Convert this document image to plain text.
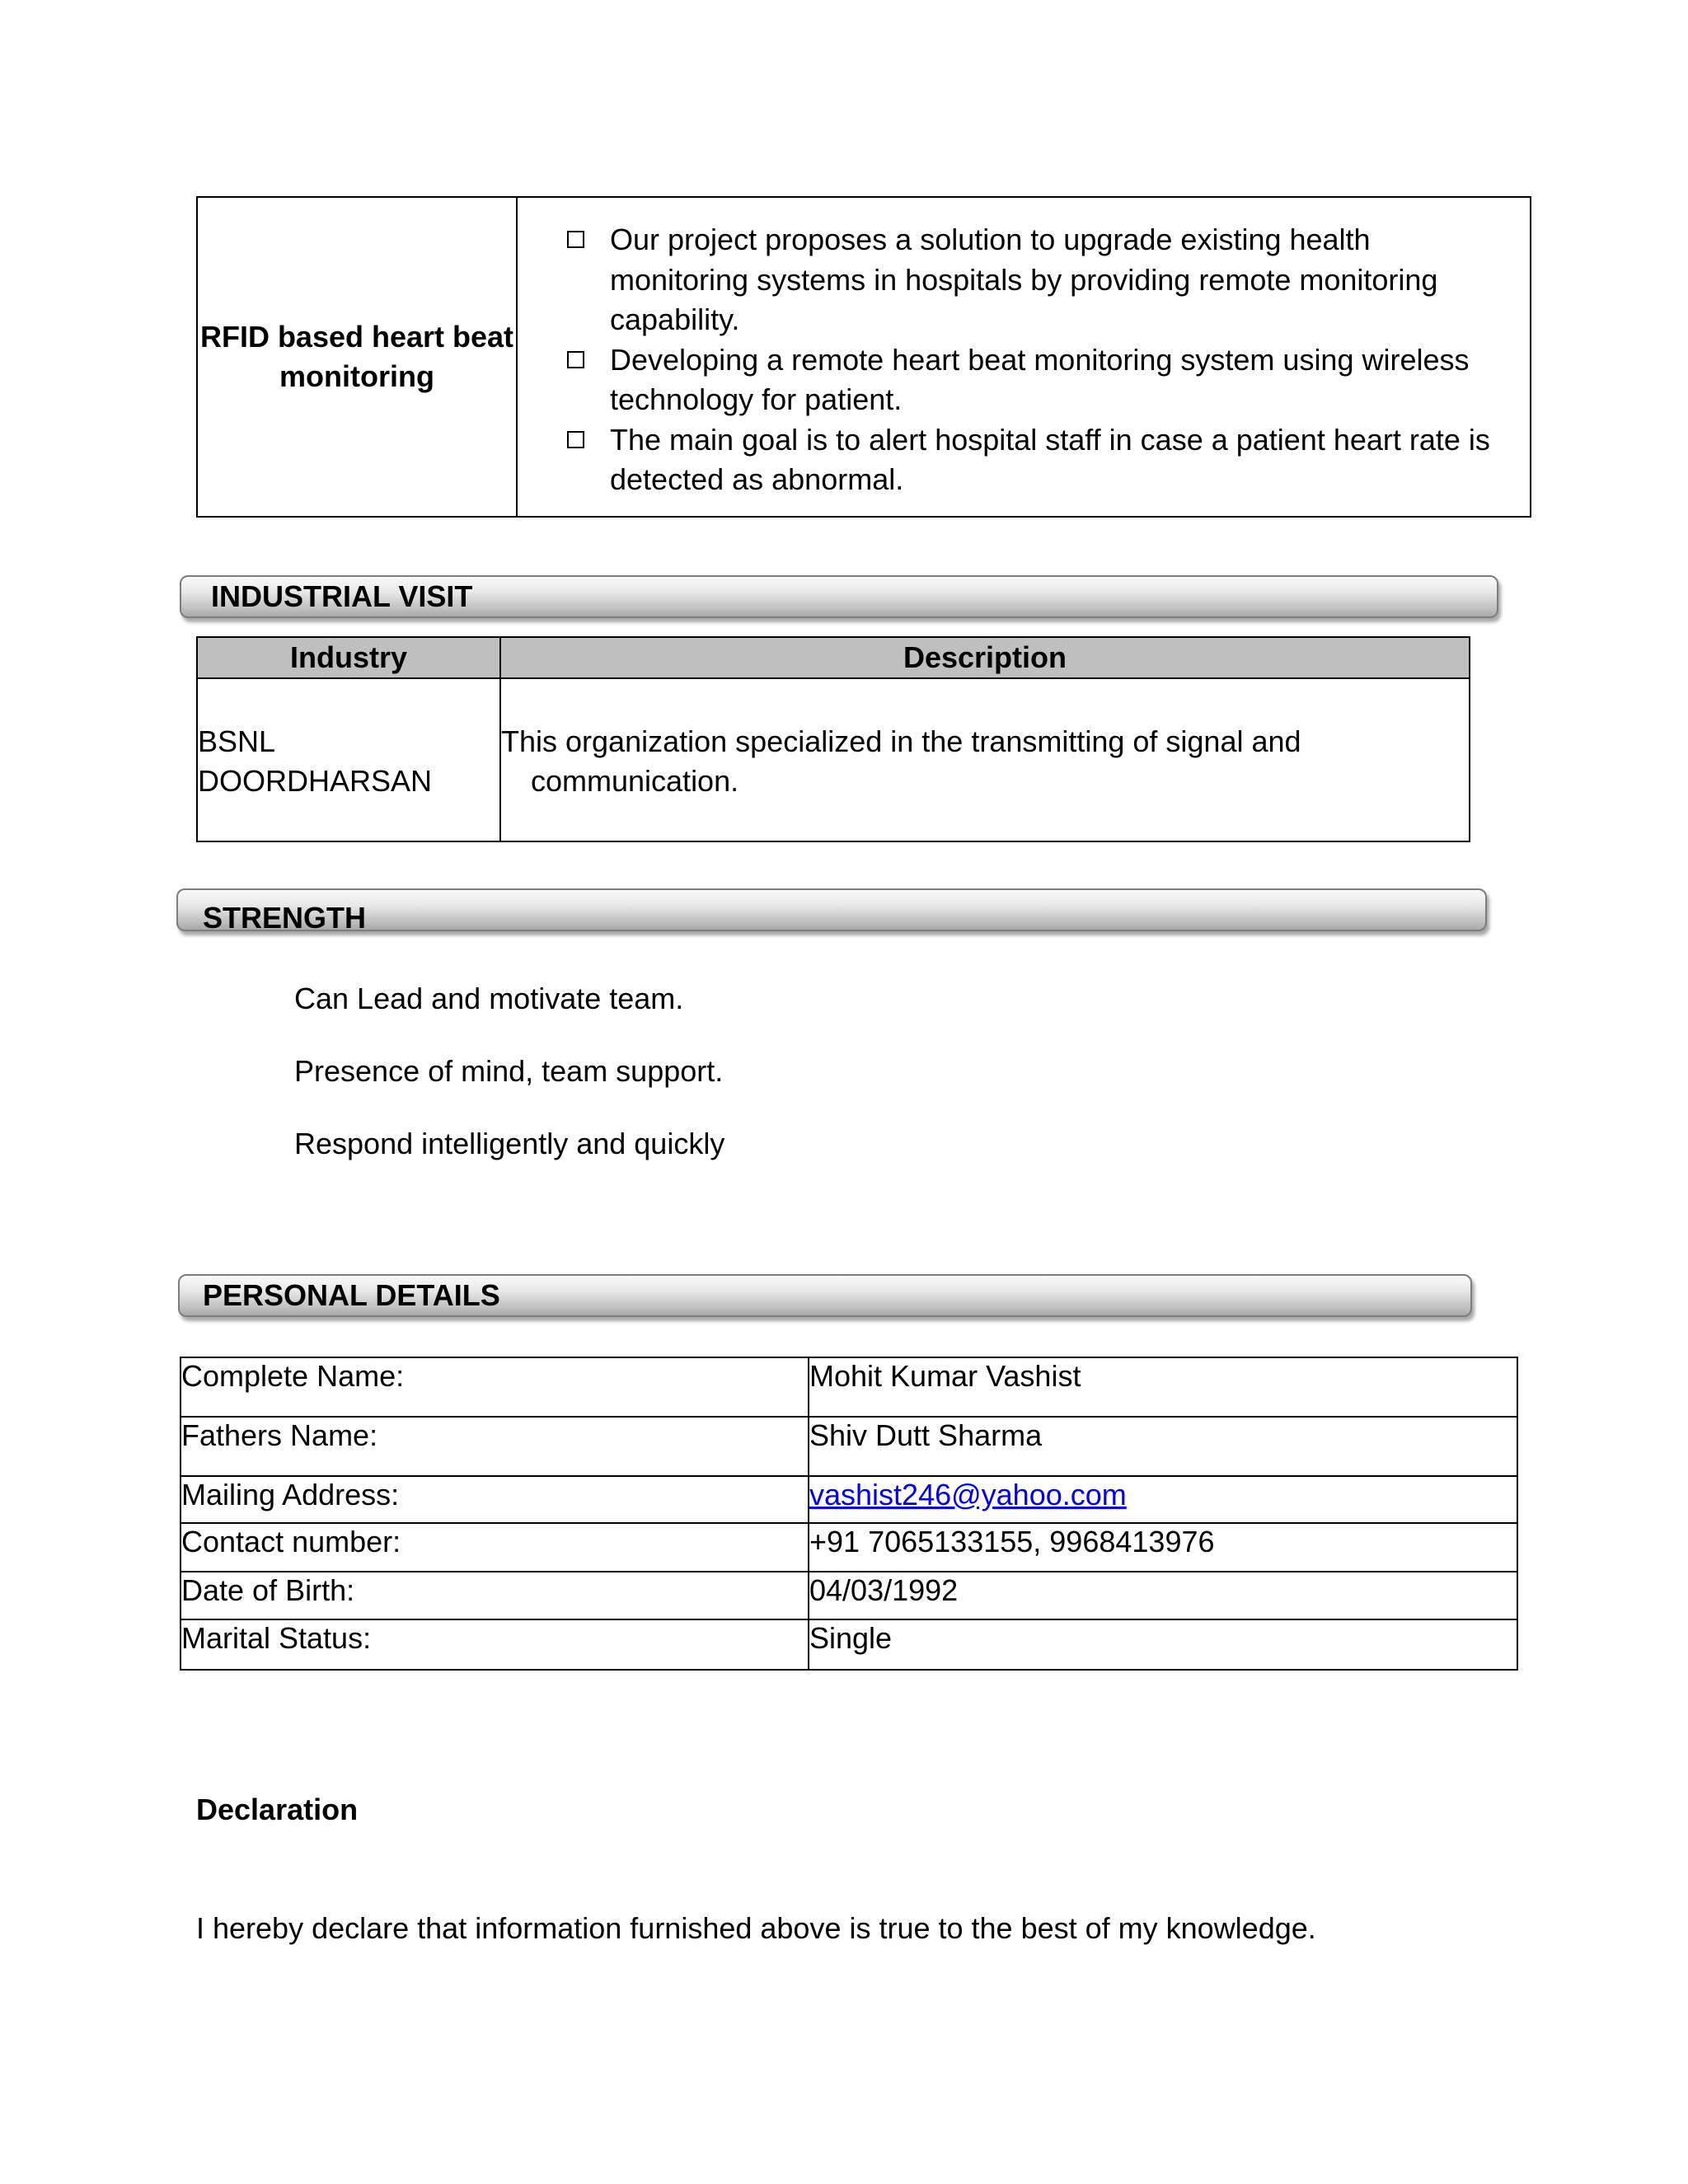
RFID based heart beat monitoring	
Our project proposes a solution to upgrade existing health monitoring systems in hospitals by providing remote monitoring capability.
Developing a remote heart beat monitoring system using wireless technology for patient.
The main goal is to alert hospital staff in case a patient heart rate is detected as abnormal.
INDUSTRIAL VISIT
Industry	Description

BSNL
DOORDHARSAN	This organization specialized in the transmitting of signal and communication.
STRENGTH
Can Lead and motivate team.
Presence of mind, team support.
Respond intelligently and quickly
PERSONAL DETAILS
Complete Name:	Mohit Kumar Vashist
Fathers Name:	Shiv Dutt Sharma
Mailing Address:	vashist246@yahoo.com
Contact number:	+91 7065133155, 9968413976
Date of Birth:	04/03/1992
Marital Status:	Single
Declaration
I hereby declare that information furnished above is true to the best of my knowledge.
